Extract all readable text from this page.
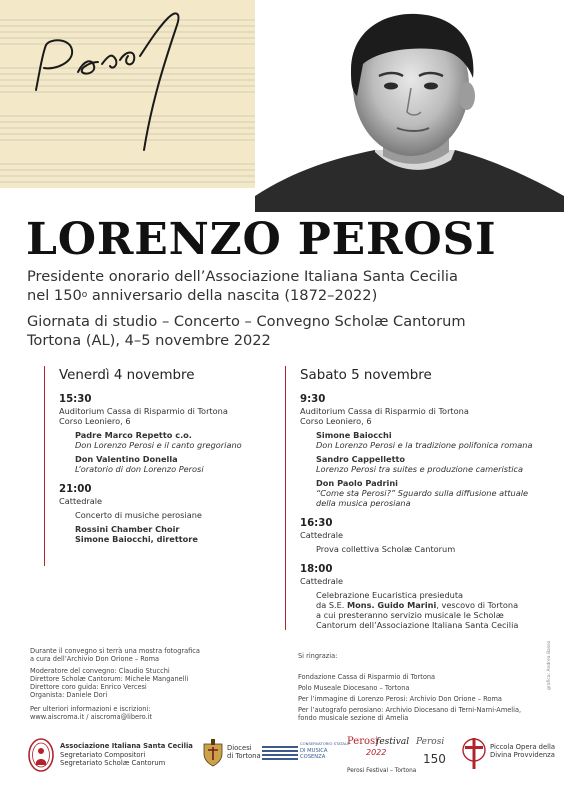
LORENZO PEROSI
Presidente onorario dell’Associazione Italiana Santa Cecilia
nel 150$^o$ anniversario della nascita (1872–2022)
Giornata di studio – Concerto – Convegno Scholæ Cantorum
Tortona (AL), 4–5 novembre 2022
Venerdì 4 novembre
15:30
Auditorium Cassa di Risparmio di Tortona
Corso Leoniero, 6
Padre Marco Repetto c.o.
Don Lorenzo Perosi e il canto gregoriano
Don Valentino Donella
L’oratorio di don Lorenzo Perosi
21:00
Cattedrale
Concerto di musiche perosiane
Rossini Chamber Choir
Simone Baiocchi, direttore
Sabato 5 novembre
9:30
Auditorium Cassa di Risparmio di Tortona
Corso Leoniero, 6
Simone Baiocchi
Don Lorenzo Perosi e la tradizione polifonica romana
Sandro Cappelletto
Lorenzo Perosi tra suites e produzione cameristica
Don Paolo Padrini
“Come sta Perosi?” Sguardo sulla diffusione attuale
della musica perosiana
16:30
Cattedrale
Prova collettiva Scholæ Cantorum
18:00
Cattedrale
Celebrazione Eucaristica presieduta
da S.E. Mons. Guido Marini, vescovo di Tortona
a cui presteranno servizio musicale le Scholæ
Cantorum dell’Associazione Italiana Santa Cecilia
Durante il convegno si terrà una mostra fotografica
a cura dell’Archivio Don Orione – Roma
Moderatore del convegno: Claudio Stucchi
Direttore Scholæ Cantorum: Michele Manganelli
Direttore coro guida: Enrico Vercesi
Organista: Daniele Dori
Per ulteriori informazioni e iscrizioni:
www.aiscroma.it / aiscroma@libero.it
Si ringrazia:
Fondazione Cassa di Risparmio di Tortona
Polo Museale Diocesano – Tortona
Per l’immagine di Lorenzo Perosi: Archivio Don Orione – Roma
Per l’autografo perosiano: Archivio Diocesano di Terni-Narni-Amelia,
fondo musicale sezione di Amelia
grafica: Andrea Basso
Associazione Italiana Santa Cecilia
Segretariato Compositori
Segretariato Scholæ Cantorum
Diocesi
di Tortona
CONSERVATORIO STATALE
DI MUSICA
COSENZA
Perosi
festival
2022
Perosi Festival – Tortona
Perosi
150
Piccola Opera della
Divina Provvidenza
